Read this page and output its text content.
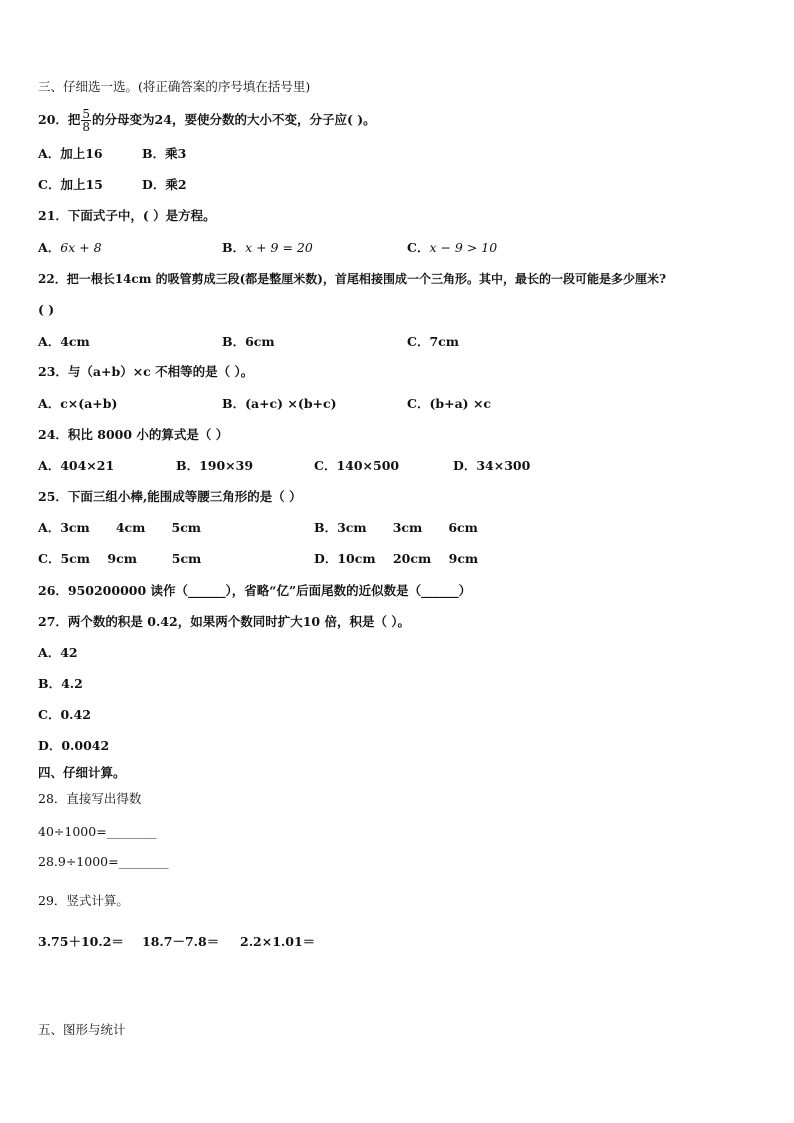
三、仔细选一选。(将正确答案的序号填在括号里)
20．把 $\frac{5}{8}$ 的分母变为24，要使分数的大小不变，分子应( )。
A．加上16	B．乘3
C．加上15	D．乘2
21．下面式子中，( ）是方程。
A．6x + 8	B．x + 9 = 20	C．x − 9 > 10
22．把一根长14cm 的吸管剪成三段(都是整厘米数)，首尾相接围成一个三角形。其中，最长的一段可能是多少厘米?
( )
A．4cm	B．6cm	C．7cm
23．与（a+b）×c 不相等的是（ ）。
A．c×(a+b)	B．(a+c) ×(b+c)	C．(b+a) ×c
24．积比 8000 小的算式是（ ）
A．404×21	B．190×39	C．140×500	D．34×300
25．下面三组小棒,能围成等腰三角形的是（ ）
A．3cm      4cm      5cm	B．3cm      3cm      6cm
C．5cm    9cm        5cm	D．10cm    20cm    9cm
26．950200000 读作（______），省略“亿”后面尾数的近似数是（______）
27．两个数的积是 0.42，如果两个数同时扩大10 倍，积是（ ）。
A．42
B．4.2
C．0.42
D．0.0042
四、仔细计算。
28．直接写出得数
40÷1000=________
28.9÷1000=________
29．竖式计算。
3.75＋10.2＝ 18.7－7.8＝ 2.2×1.01＝
五、图形与统计
